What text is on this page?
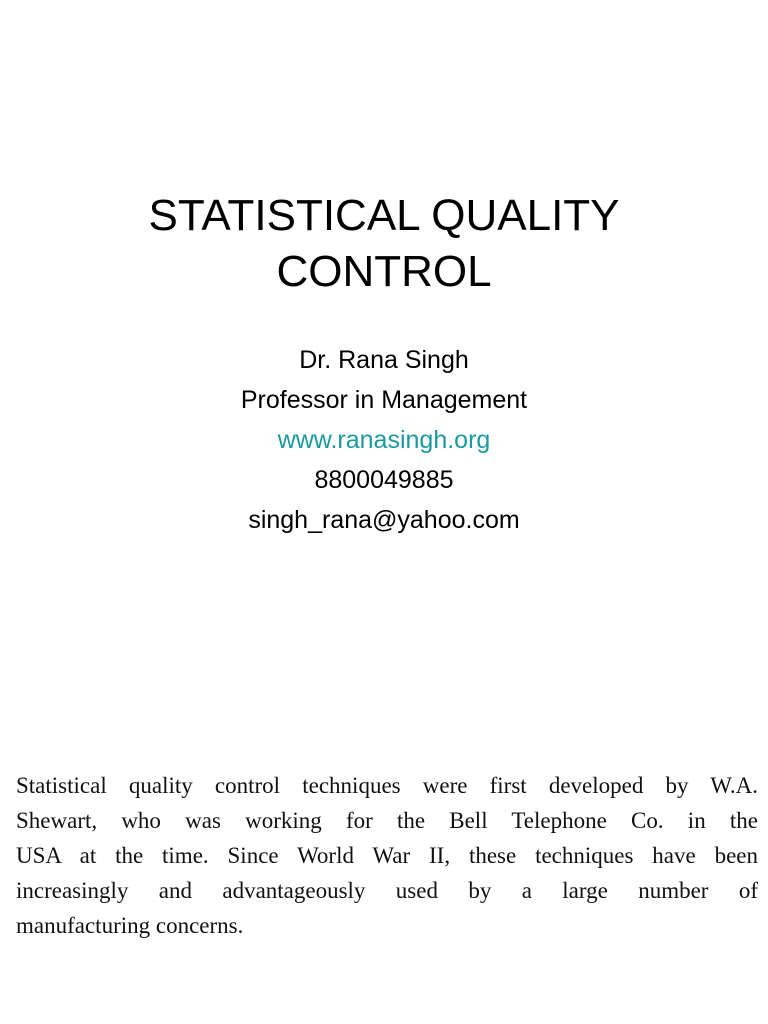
STATISTICAL QUALITY
CONTROL
Dr. Rana Singh
Professor in Management
www.ranasingh.org
8800049885
singh_rana@yahoo.com
Statistical quality control techniques were first developed by W.A.
Shewart, who was working for the Bell Telephone Co. in the
USA at the time. Since World War II, these techniques have been
increasingly and advantageously used by a large number of
manufacturing concerns.
